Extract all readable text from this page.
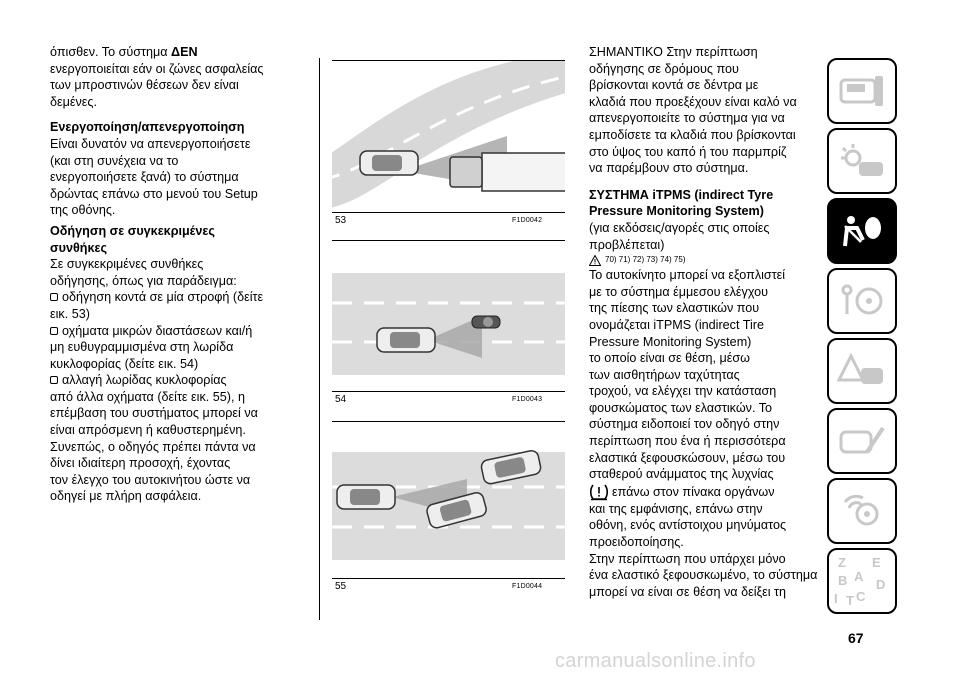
όπισθεν. Το σύστημα ΔΕΝ

ενεργοποιείται εάν οι ζώνες ασφαλείας

των μπροστινών θέσεων δεν είναι

δεμένες.

Ενεργοποίηση/απενεργοποίηση

Είναι δυνατόν να απενεργοποιήσετε

(και στη συνέχεια να το

ενεργοποιήσετε ξανά) το σύστημα

δρώντας επάνω στο μενού του Setup

της οθόνης.

Οδήγηση σε συγκεκριμένες

συνθήκες

Σε συγκεκριμένες συνθήκες

οδήγησης, όπως για παράδειγμα:

οδήγηση κοντά σε μία στροφή (δείτε

εικ. 53)

οχήματα μικρών διαστάσεων και/ή

μη ευθυγραμμισμένα στη λωρίδα

κυκλοφορίας (δείτε εικ. 54)

αλλαγή λωρίδας κυκλοφορίας

από άλλα οχήματα (δείτε εικ. 55), η

επέμβαση του συστήματος μπορεί να

είναι απρόσμενη ή καθυστερημένη.

Συνεπώς, ο οδηγός πρέπει πάντα να

δίνει ιδιαίτερη προσοχή, έχοντας

τον έλεγχο του αυτοκινήτου ώστε να

οδηγεί με πλήρη ασφάλεια.

53	F1D0042
54	F1D0043
55	F1D0044

ΣΗΜΑΝΤΙΚΟ Στην περίπτωση

οδήγησης σε δρόμους που

βρίσκονται κοντά σε δέντρα με

κλαδιά που προεξέχουν είναι καλό να

απενεργοποιείτε το σύστημα για να

εμποδίσετε τα κλαδιά που βρίσκονται

στο ύψος του καπό ή του παρμπρίζ

να παρέμβουν στο σύστημα.

ΣΥΣΤΗΜΑ iTPMS (indirect Tyre

Pressure Monitoring System)

(για εκδόσεις/αγορές στις οποίες

προβλέπεται)

70) 71) 72) 73) 74) 75)

Το αυτοκίνητο μπορεί να εξοπλιστεί

με το σύστημα έμμεσου ελέγχου

της πίεσης των ελαστικών που

ονομάζεται iTPMS (indirect Tire

Pressure Monitoring System)

το οποίο είναι σε θέση, μέσω

των αισθητήρων ταχύτητας

τροχού, να ελέγχει την κατάσταση

φουσκώματος των ελαστικών. Το

σύστημα ειδοποιεί τον οδηγό στην

περίπτωση που ένα ή περισσότερα

ελαστικά ξεφουσκώσουν, μέσω του

σταθερού ανάμματος της λυχνίας

επάνω στον πίνακα οργάνων

και της εμφάνισης, επάνω στην

οθόνη, ενός αντίστοιχου μηνύματος

προειδοποίησης.

Στην περίπτωση που υπάρχει μόνο

ένα ελαστικό ξεφουσκωμένο, το σύστημα

μπορεί να είναι σε θέση να δείξει τη

Z E
B
C
D
A
I T
67
carmanualsonline.info
